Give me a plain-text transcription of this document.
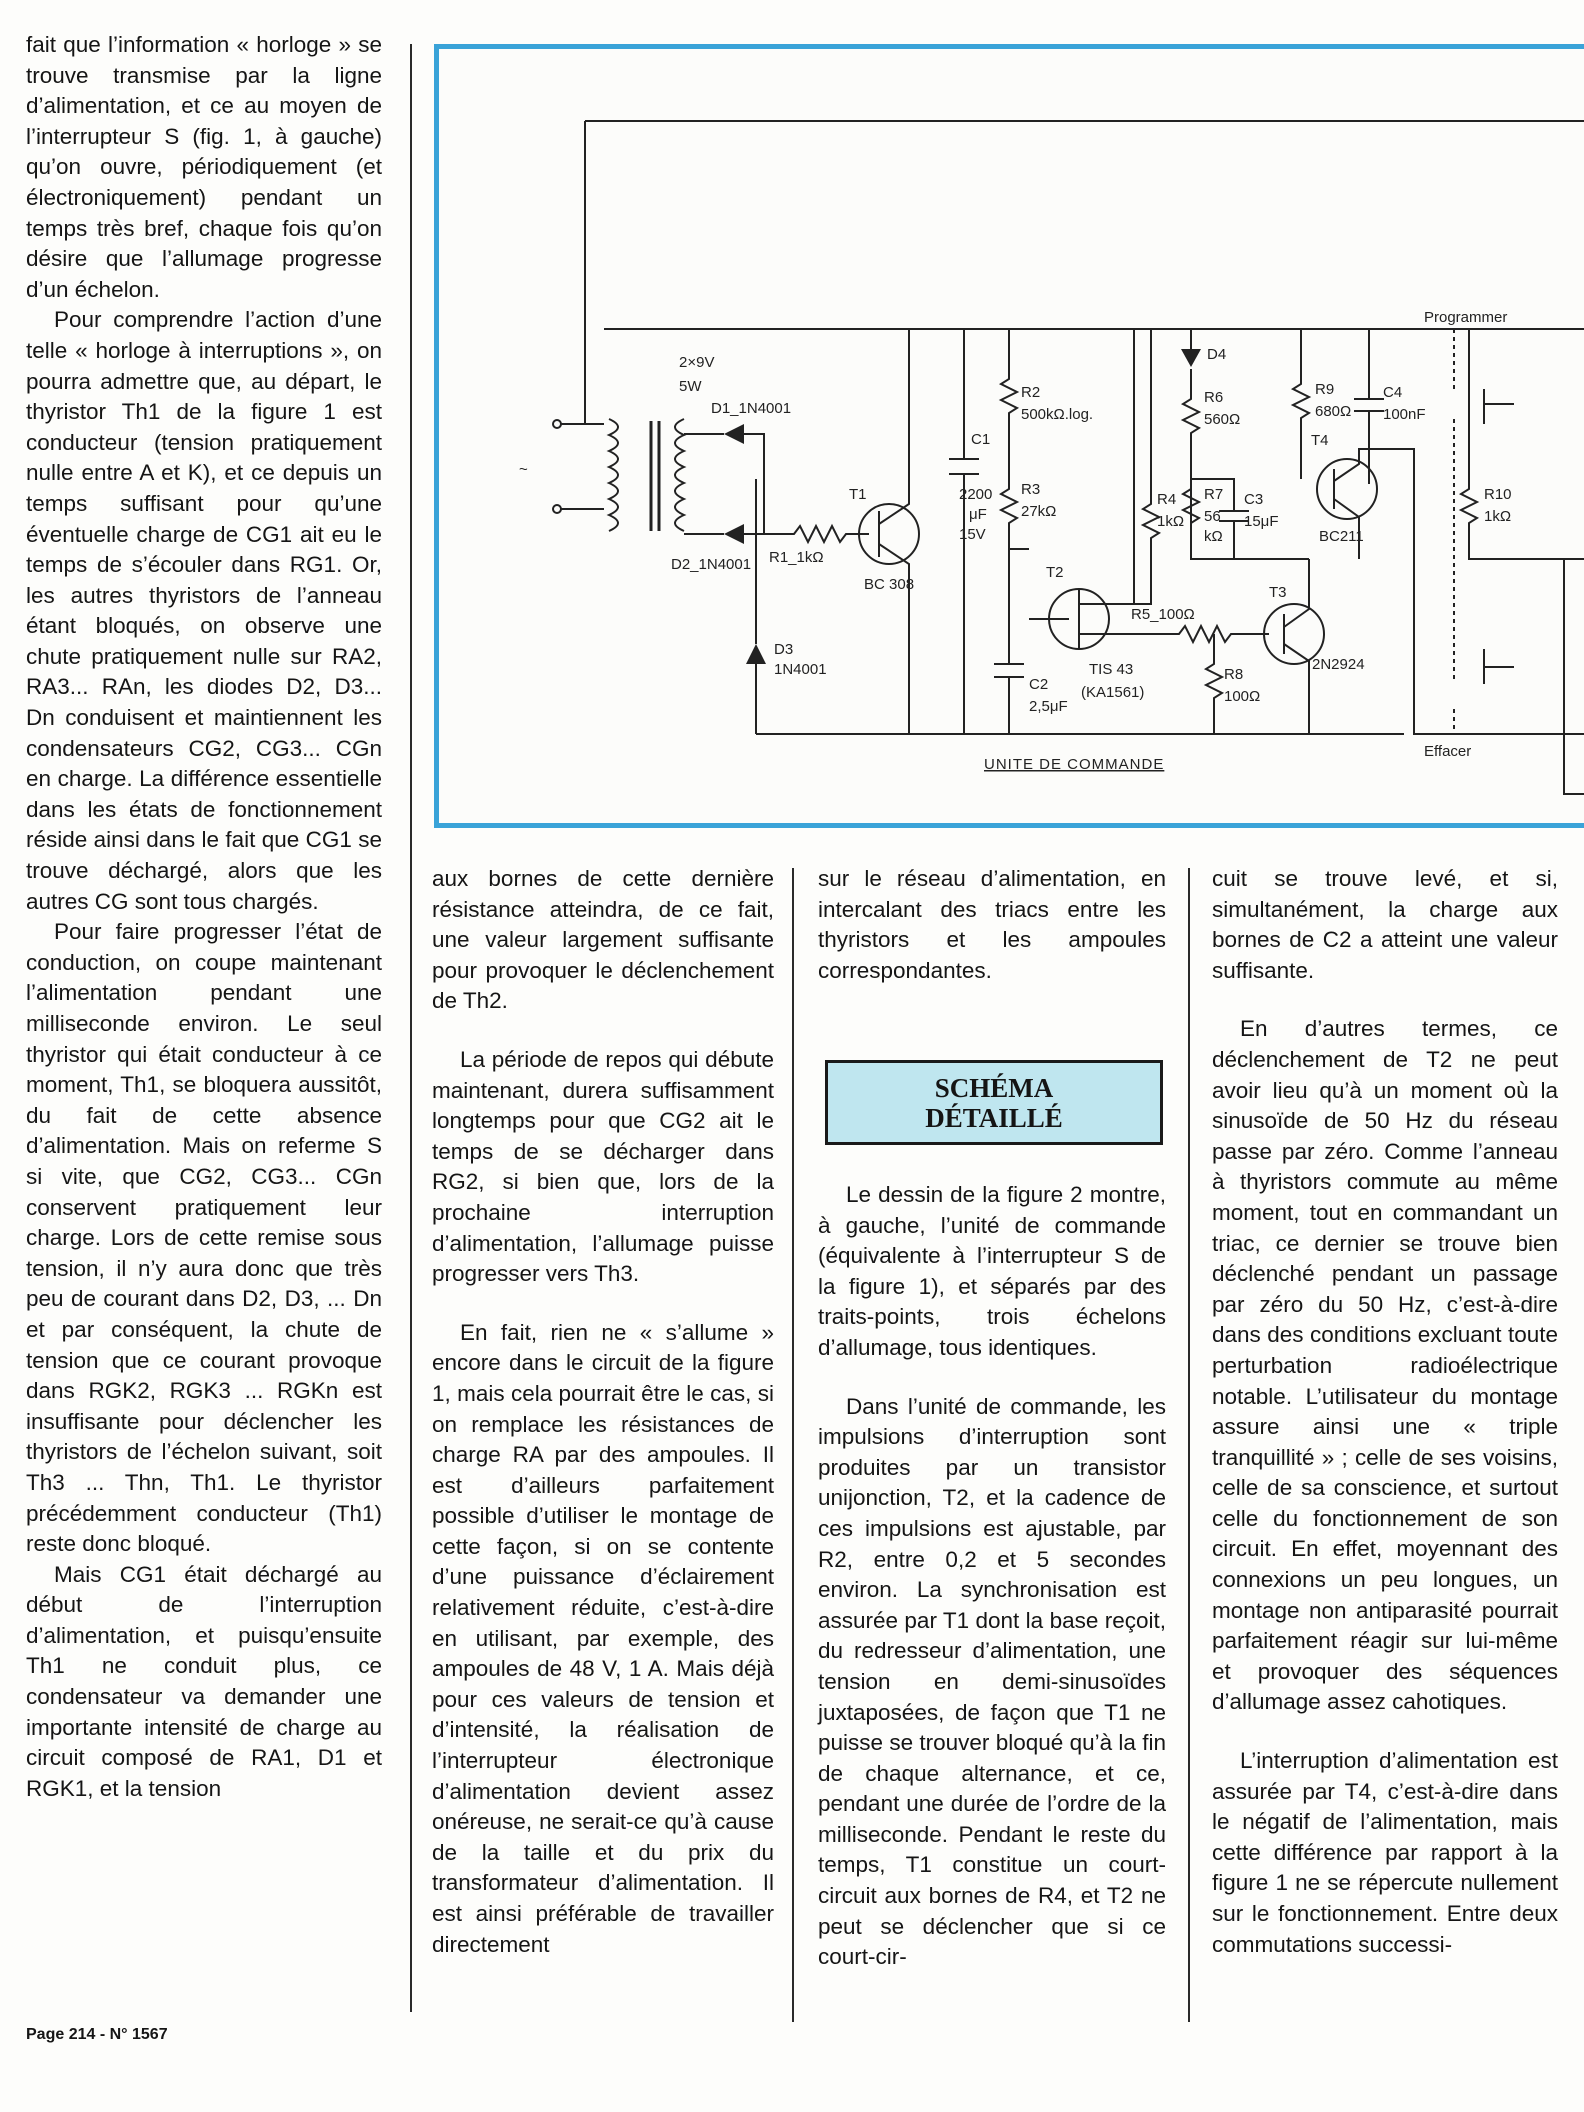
fait que l’information « horloge » se trouve transmise par la ligne d’alimentation, et ce au moyen de l’interrupteur S (fig. 1, à gauche) qu’on ouvre, périodiquement (et électroniquement) pendant un temps très bref, chaque fois qu’on désire que l’allumage progresse d’un échelon.

Pour comprendre l’action d’une telle « horloge à interruptions », on pourra admettre que, au départ, le thyristor Th1 de la figure 1 est conducteur (tension pratiquement nulle entre A et K), et ce depuis un temps suffisant pour qu’une éventuelle charge de CG1 ait eu le temps de s’écouler dans RG1. Or, les autres thyristors de l’anneau étant bloqués, on observe une chute pratiquement nulle sur RA2, RA3... RAn, les diodes D2, D3... Dn conduisent et maintiennent les condensateurs CG2, CG3... CGn en charge. La différence essentielle dans les états de fonctionnement réside ainsi dans le fait que CG1 se trouve déchargé, alors que les autres CG sont tous chargés.

Pour faire progresser l’état de conduction, on coupe maintenant l’alimentation pendant une milliseconde environ. Le seul thyristor qui était conducteur à ce moment, Th1, se bloquera aussitôt, du fait de cette absence d’alimentation. Mais on referme S si vite, que CG2, CG3... CGn conservent pratiquement leur charge. Lors de cette remise sous tension, il n’y aura donc que très peu de courant dans D2, D3, ... Dn et par conséquent, la chute de tension que ce courant provoque dans RGK2, RGK3 ... RGKn est insuffisante pour déclencher les thyristors de l’échelon suivant, soit Th3 ... Thn, Th1. Le thyristor précédemment conducteur (Th1) reste donc bloqué.

Mais CG1 était déchargé au début de l’interruption d’alimentation, et puisqu’ensuite Th1 ne conduit plus, ce condensateur va demander une importante intensité de charge au circuit composé de RA1, D1 et RGK1, et la tension

~
2×9V
5W
D1_1N4001
D2_1N4001
D3
1N4001
R1_1kΩ
T1
BC 308
C1
2200
μF
15V
R2
500kΩ.log.
R3
27kΩ
C2
2,5μF
T2
TIS 43
(KA1561)
R4
1kΩ
R5_100Ω
R8
100Ω
T3
2N2924
D4
R6
560Ω
R7
56
kΩ
C3
15μF
R9
680Ω
C4
100nF
T4
BC211
Programmer
Effacer
R10
1kΩ
UNITE DE COMMANDE

aux bornes de cette dernière résistance atteindra, de ce fait, une valeur largement suffisante pour provoquer le déclenchement de Th2.

La période de repos qui débute maintenant, durera suffisamment longtemps pour que CG2 ait le temps de se décharger dans RG2, si bien que, lors de la prochaine interruption d’alimentation, l’allumage puisse progresser vers Th3.

En fait, rien ne « s’allume » encore dans le circuit de la figure 1, mais cela pourrait être le cas, si on remplace les résistances de charge RA par des ampoules. Il est d’ailleurs parfaitement possible d’utiliser le montage de cette façon, si on se contente d’une puissance d’éclairement relativement réduite, c’est-à-dire en utilisant, par exemple, des ampoules de 48 V, 1 A. Mais déjà pour ces valeurs de tension et d’intensité, la réalisation de l’interrupteur électronique d’alimentation devient assez onéreuse, ne serait-ce qu’à cause de la taille et du prix du transformateur d’alimentation. Il est ainsi préférable de travailler directement

sur le réseau d’alimentation, en intercalant des triacs entre les thyristors et les ampoules correspondantes.

SCHÉMA
DÉTAILLÉ

Le dessin de la figure 2 montre, à gauche, l’unité de commande (équivalente à l’interrupteur S de la figure 1), et séparés par des traits-points, trois échelons d’allumage, tous identiques.

Dans l’unité de commande, les impulsions d’interruption sont produites par un transistor unijonction, T2, et la cadence de ces impulsions est ajustable, par R2, entre 0,2 et 5 secondes environ. La synchronisation est assurée par T1 dont la base reçoit, du redresseur d’alimentation, une tension en demi-sinusoïdes juxtaposées, de façon que T1 ne puisse se trouver bloqué qu’à la fin de chaque alternance, et ce, pendant une durée de l’ordre de la milliseconde. Pendant le reste du temps, T1 constitue un court-circuit aux bornes de R4, et T2 ne peut se déclencher que si ce court-cir-

cuit se trouve levé, et si, simultanément, la charge aux bornes de C2 a atteint une valeur suffisante.

En d’autres termes, ce déclenchement de T2 ne peut avoir lieu qu’à un moment où la sinusoïde de 50 Hz du réseau passe par zéro. Comme l’anneau à thyristors commute au même moment, tout en commandant un triac, ce dernier se trouve bien déclenché pendant un passage par zéro du 50 Hz, c’est-à-dire dans des conditions excluant toute perturbation radioélectrique notable. L’utilisateur du montage assure ainsi une « triple tranquillité » ; celle de ses voisins, celle de sa conscience, et surtout celle du fonctionnement de son circuit. En effet, moyennant des connexions un peu longues, un montage non antiparasité pourrait parfaitement réagir sur lui-même et provoquer des séquences d’allumage assez cahotiques.

L’interruption d’alimentation est assurée par T4, c’est-à-dire dans le négatif de l’alimentation, mais cette différence par rapport à la figure 1 ne se répercute nullement sur le fonctionnement. Entre deux commutations successi-

Page 214 - N° 1567
